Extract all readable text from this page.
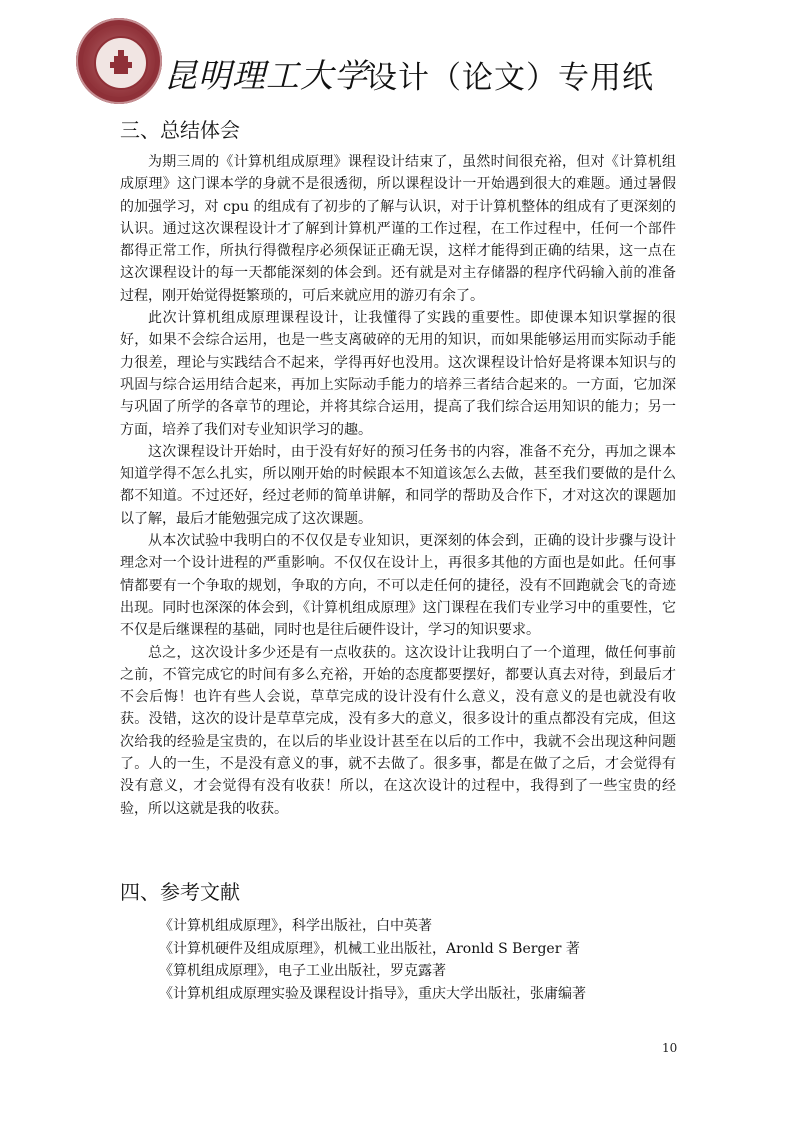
昆明理工大学
设计（论文）专用纸
三、总结体会

为期三周的《计算机组成原理》课程设计结束了，虽然时间很充裕，但对《计算机组成原理》这门课本学的身就不是很透彻，所以课程设计一开始遇到很大的难题。通过暑假的加强学习，对 cpu 的组成有了初步的了解与认识，对于计算机整体的组成有了更深刻的认识。通过这次课程设计才了解到计算机严谨的工作过程，在工作过程中，任何一个部件都得正常工作，所执行得微程序必须保证正确无误，这样才能得到正确的结果，这一点在这次课程设计的每一天都能深刻的体会到。还有就是对主存储器的程序代码输入前的准备过程，刚开始觉得挺繁琐的，可后来就应用的游刃有余了。

此次计算机组成原理课程设计，让我懂得了实践的重要性。即使课本知识掌握的很好，如果不会综合运用，也是一些支离破碎的无用的知识，而如果能够运用而实际动手能力很差，理论与实践结合不起来，学得再好也没用。这次课程设计恰好是将课本知识与的巩固与综合运用结合起来，再加上实际动手能力的培养三者结合起来的。一方面，它加深与巩固了所学的各章节的理论，并将其综合运用，提高了我们综合运用知识的能力；另一方面，培养了我们对专业知识学习的趣。

这次课程设计开始时，由于没有好好的预习任务书的内容，准备不充分，再加之课本知道学得不怎么扎实，所以刚开始的时候跟本不知道该怎么去做，甚至我们要做的是什么都不知道。不过还好，经过老师的简单讲解，和同学的帮助及合作下，才对这次的课题加以了解，最后才能勉强完成了这次课题。

从本次试验中我明白的不仅仅是专业知识，更深刻的体会到，正确的设计步骤与设计理念对一个设计进程的严重影响。不仅仅在设计上，再很多其他的方面也是如此。任何事情都要有一个争取的规划，争取的方向，不可以走任何的捷径，没有不回跑就会飞的奇迹出现。同时也深深的体会到，《计算机组成原理》这门课程在我们专业学习中的重要性，它不仅是后继课程的基础，同时也是往后硬件设计，学习的知识要求。

总之，这次设计多少还是有一点收获的。这次设计让我明白了一个道理，做任何事前之前，不管完成它的时间有多么充裕，开始的态度都要摆好，都要认真去对待，到最后才不会后悔！也许有些人会说，草草完成的设计没有什么意义，没有意义的是也就没有收获。没错，这次的设计是草草完成，没有多大的意义，很多设计的重点都没有完成，但这次给我的经验是宝贵的，在以后的毕业设计甚至在以后的工作中，我就不会出现这种问题了。人的一生，不是没有意义的事，就不去做了。很多事，都是在做了之后，才会觉得有没有意义，才会觉得有没有收获！所以，在这次设计的过程中，我得到了一些宝贵的经验，所以这就是我的收获。

四、参考文献
《计算机组成原理》，科学出版社，白中英著
《计算机硬件及组成原理》，机械工业出版社，Aronld S Berger 著
《算机组成原理》，电子工业出版社，罗克露著
《计算机组成原理实验及课程设计指导》，重庆大学出版社，张庸编著
10
